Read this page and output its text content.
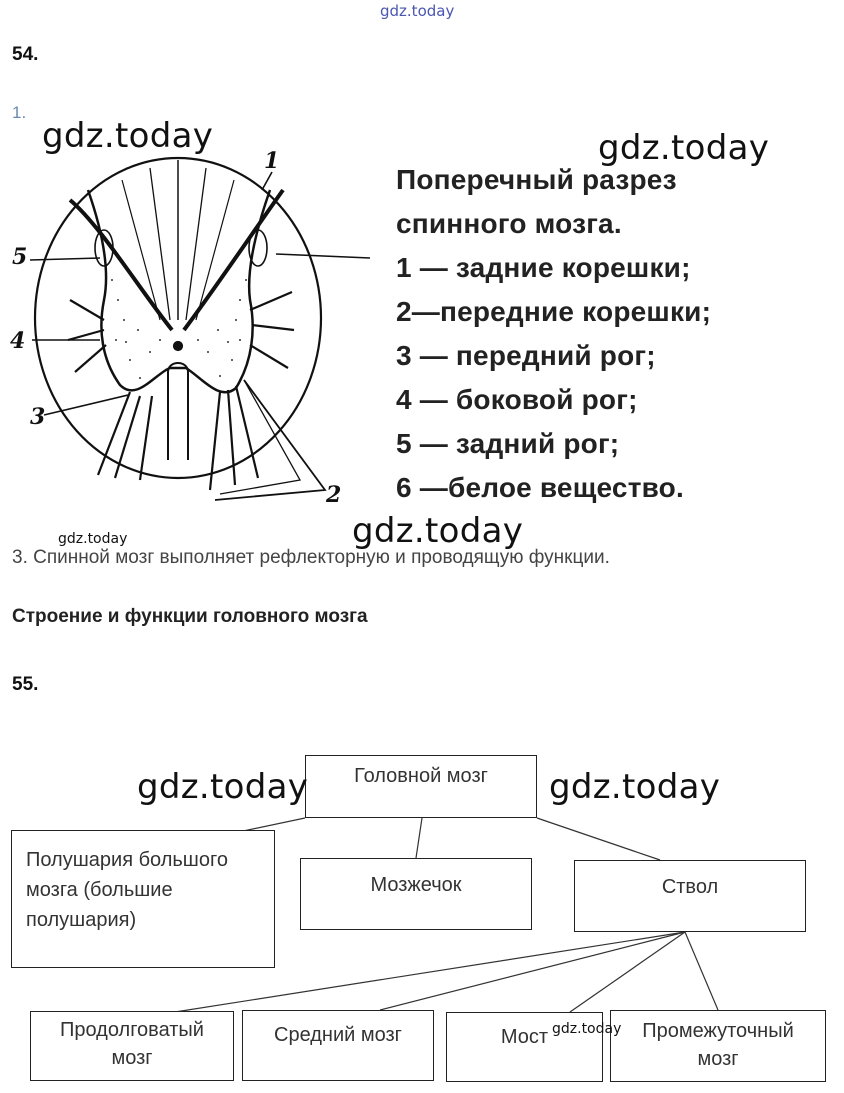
gdz.today
gdz.today	gdz.today
gdz.today	gdz.today
gdz.today	gdz.today
gdz.today
54.
1.
1
5
4
3
2
Поперечный разрез
спинного мозга.
1 — задние корешки;
2—передние корешки;
3 — передний рог;
4 — боковой рог;
5 — задний рог;
6 —белое вещество.
3. Спинной мозг выполняет рефлекторную и проводящую функции.
Строение и функции головного мозга
55.
Головной мозг
Полушария большого мозга (большие полушария)
Мозжечок	Ствол
Продолговатый мозг
Средний мозг	Мост	Промежуточный мозг
